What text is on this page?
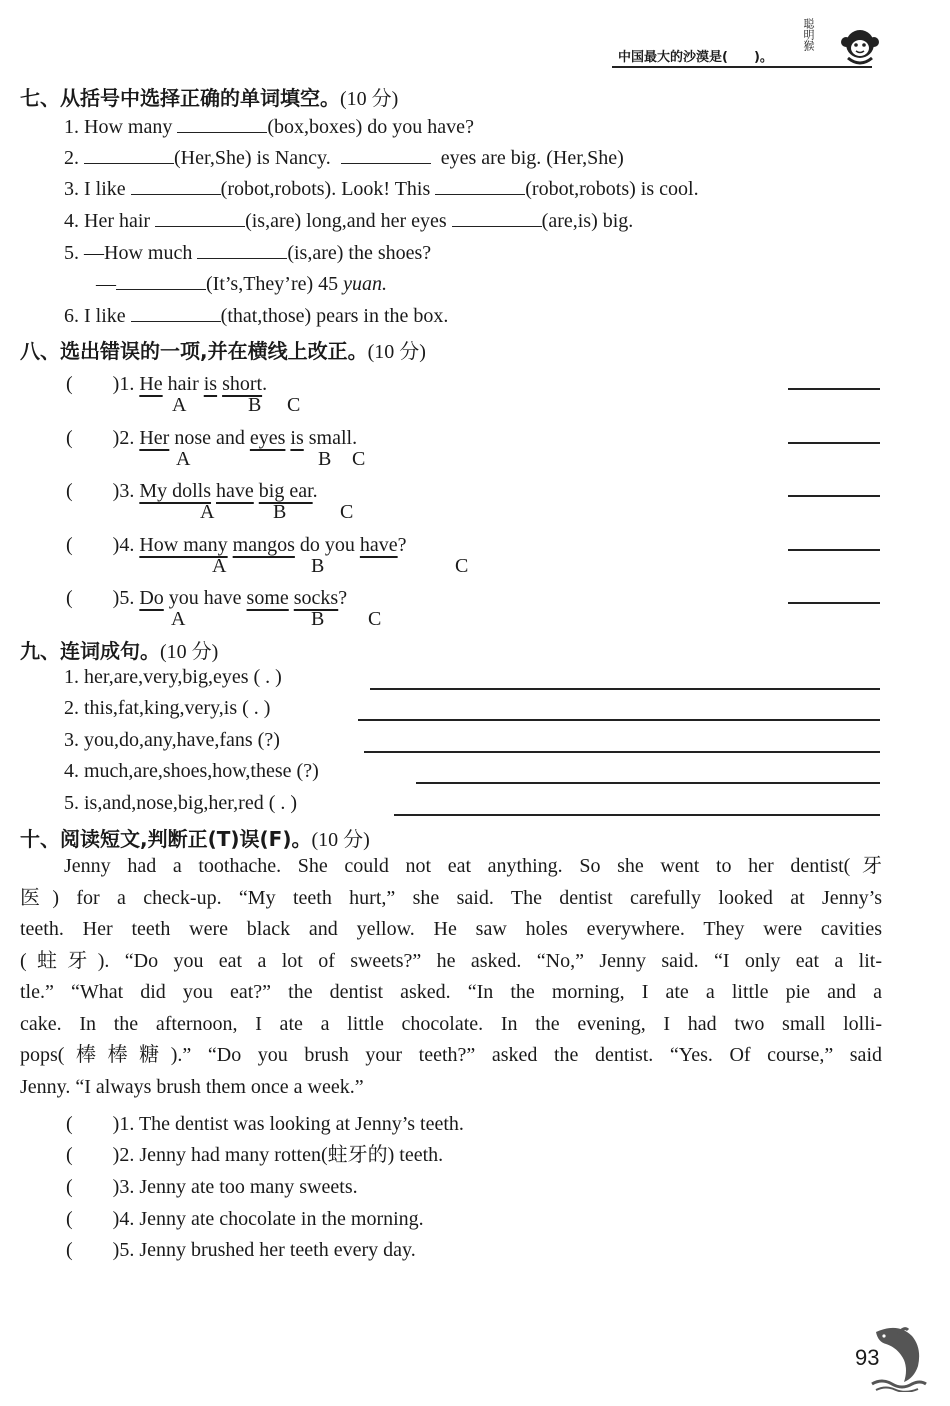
中国最大的沙漠是(　　)。
聪明猴
七、从括号中选择正确的单词填空。(10 分)
1. How many	(box,boxes) do you have?
2.	(Her,She) is Nancy.	eyes are big. (Her,She)
3. I like	(robot,robots). Look! This	(robot,robots) is cool.
4. Her hair	(is,are) long,and her eyes	(are,is) big.
5. —How much	(is,are) the shoes?
—	(It’s,They’re) 45 yuan.
6. I like	(that,those) pears in the box.
八、选出错误的一项,并在横线上改正。(10 分)
(　　)1. He hair is short.
A	B C
(　　)2. Her nose and eyes is small.
A	B C
(　　)3. My dolls have big ear.
A	B	C
(　　)4. How many mangos do you have?
A	B	C
(　　)5. Do you have some socks?
A	B C
九、连词成句。(10 分)
1. her,are,very,big,eyes ( . )
2. this,fat,king,very,is ( . )
3. you,do,any,have,fans (?)
4. much,are,shoes,how,these (?)
5. is,and,nose,big,her,red ( . )
十、阅读短文,判断正(T)误(F)。(10 分)
Jenny had a toothache. She could not eat anything. So she went to her dentist(牙
医) for a check-up. “My teeth hurt,” she said. The dentist carefully looked at Jenny’s
teeth. Her teeth were black and yellow. He saw holes everywhere. They were cavities
(蛀牙). “Do you eat a lot of sweets?” he asked. “No,” Jenny said. “I only eat a lit-
tle.” “What did you eat?” the dentist asked. “In the morning, I ate a little pie and a
cake. In the afternoon, I ate a little chocolate. In the evening, I had two small lolli-
pops(棒棒糖).” “Do you brush your teeth?” asked the dentist. “Yes. Of course,” said
Jenny. “I always brush them once a week.”
(　　)1. The dentist was looking at Jenny’s teeth.
(　　)2. Jenny had many rotten(蛀牙的) teeth.
(　　)3. Jenny ate too many sweets.
(　　)4. Jenny ate chocolate in the morning.
(　　)5. Jenny brushed her teeth every day.
93
